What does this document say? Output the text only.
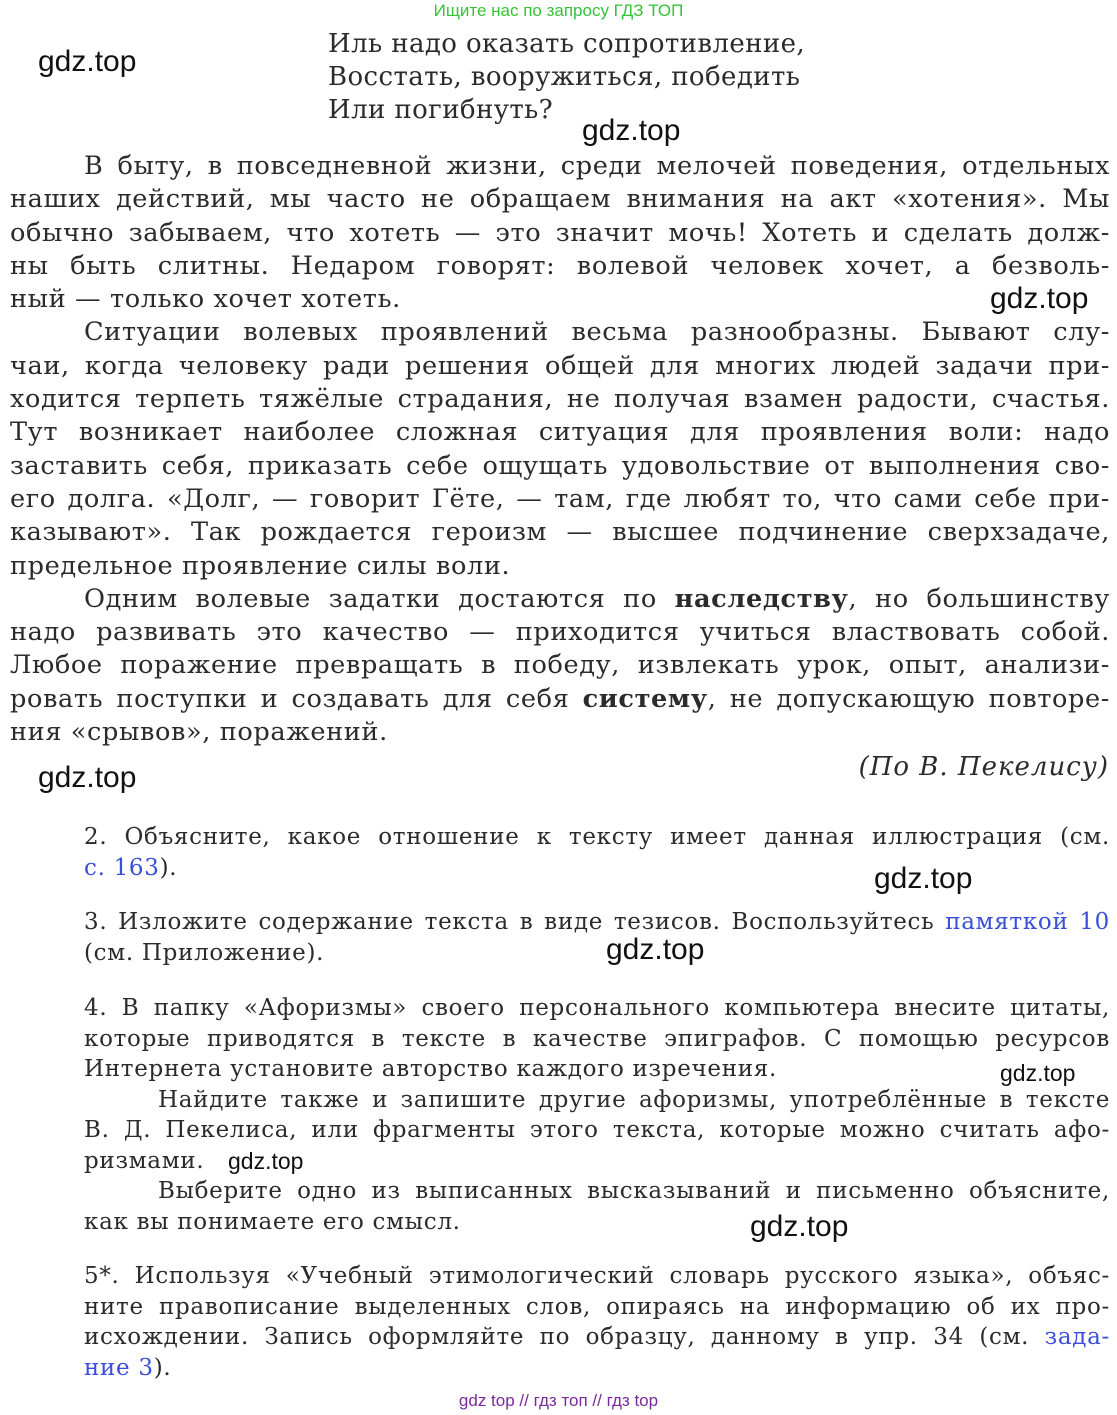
Ищите нас по запросу ГДЗ ТОП
Иль надо оказать сопротивление,
Восстать, вооружиться, победить
Или погибнуть?
В быту, в повседневной жизни, среди мелочей поведения, отдельных
наших действий, мы часто не обращаем внимания на акт «хотения». Мы
обычно забываем, что хотеть — это значит мочь! Хотеть и сделать долж-
ны быть слитны. Недаром говорят: волевой человек хочет, а безволь-
ный — только хочет хотеть.
Ситуации волевых проявлений весьма разнообразны. Бывают слу-
чаи, когда человеку ради решения общей для многих людей задачи при-
ходится терпеть тяжёлые страдания, не получая взамен радости, счастья.
Тут возникает наиболее сложная ситуация для проявления воли: надо
заставить себя, приказать себе ощущать удовольствие от выполнения сво-
его долга. «Долг, — говорит Гёте, — там, где любят то, что сами себе при-
казывают». Так рождается героизм — высшее подчинение сверхзадаче,
предельное проявление силы воли.
Одним волевые задатки достаются по наследству, но большинству
надо развивать это качество — приходится учиться властвовать собой.
Любое поражение превращать в победу, извлекать урок, опыт, анализи-
ровать поступки и создавать для себя систему, не допускающую повторе-
ния «срывов», поражений.
(По В. Пекелису)
2. Объясните, какое отношение к тексту имеет данная иллюстрация (см.
с. 163).
3. Изложите содержание текста в виде тезисов. Воспользуйтесь памяткой 10
(см. Приложение).
4. В папку «Афоризмы» своего персонального компьютера внесите цитаты,
которые приводятся в тексте в качестве эпиграфов. С помощью ресурсов
Интернета установите авторство каждого изречения.
Найдите также и запишите другие афоризмы, употреблённые в тексте
В. Д. Пекелиса, или фрагменты этого текста, которые можно считать афо-
ризмами.
Выберите одно из выписанных высказываний и письменно объясните,
как вы понимаете его смысл.
5*. Используя «Учебный этимологический словарь русского языка», объяс-
ните правописание выделенных слов, опираясь на информацию об их про-
исхождении. Запись оформляйте по образцу, данному в упр. 34 (см. зада-
ние 3).
gdz.top
gdz.top
gdz.top
gdz.top
gdz.top
gdz.top
gdz.top
gdz.top
gdz.top
gdz top // гдз топ // гдз top
